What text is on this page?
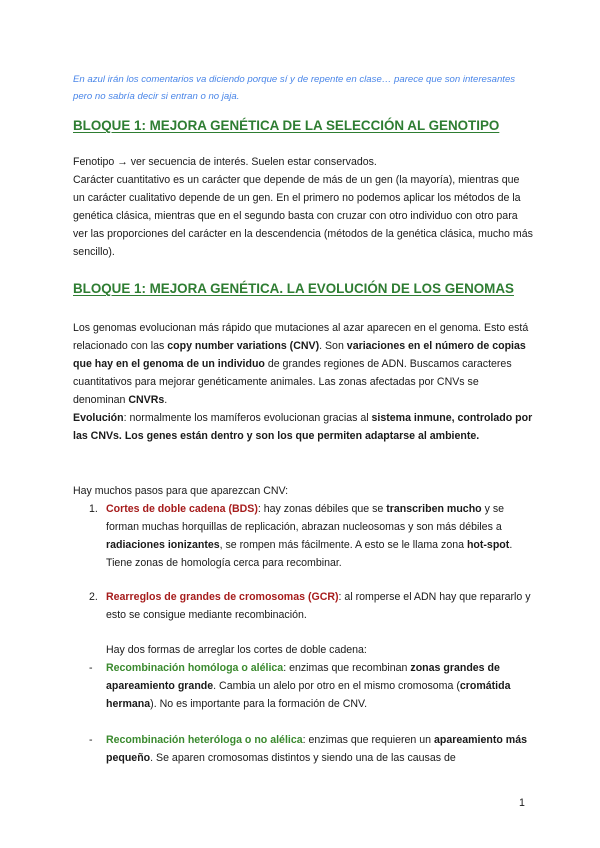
En azul irán los comentarios va diciendo porque sí y de repente en clase… parece que son interesantes pero no sabría decir si entran o no jaja.
BLOQUE 1: MEJORA GENÉTICA DE LA SELECCIÓN AL GENOTIPO
Fenotipo → ver secuencia de interés. Suelen estar conservados.
Carácter cuantitativo es un carácter que depende de más de un gen (la mayoría), mientras que un carácter cualitativo depende de un gen. En el primero no podemos aplicar los métodos de la genética clásica, mientras que en el segundo basta con cruzar con otro individuo con otro para ver las proporciones del carácter en la descendencia (métodos de la genética clásica, mucho más sencillo).
BLOQUE 1: MEJORA GENÉTICA. LA EVOLUCIÓN DE LOS GENOMAS
Los genomas evolucionan más rápido que mutaciones al azar aparecen en el genoma. Esto está relacionado con las copy number variations (CNV). Son variaciones en el número de copias que hay en el genoma de un individuo de grandes regiones de ADN. Buscamos caracteres cuantitativos para mejorar genéticamente animales. Las zonas afectadas por CNVs se denominan CNVRs.
Evolución: normalmente los mamíferos evolucionan gracias al sistema inmune, controlado por las CNVs. Los genes están dentro y son los que permiten adaptarse al ambiente.
Hay muchos pasos para que aparezcan CNV:
1. Cortes de doble cadena (BDS): hay zonas débiles que se transcriben mucho y se forman muchas horquillas de replicación, abrazan nucleosomas y son más débiles a radiaciones ionizantes, se rompen más fácilmente. A esto se le llama zona hot-spot. Tiene zonas de homología cerca para recombinar.
2. Rearreglos de grandes de cromosomas (GCR): al romperse el ADN hay que repararlo y esto se consigue mediante recombinación.
Hay dos formas de arreglar los cortes de doble cadena:
- Recombinación homóloga o alélica: enzimas que recombinan zonas grandes de apareamiento grande. Cambia un alelo por otro en el mismo cromosoma (cromátida hermana). No es importante para la formación de CNV.
- Recombinación heteróloga o no alélica: enzimas que requieren un apareamiento más pequeño. Se aparen cromosomas distintos y siendo una de las causas de
1
